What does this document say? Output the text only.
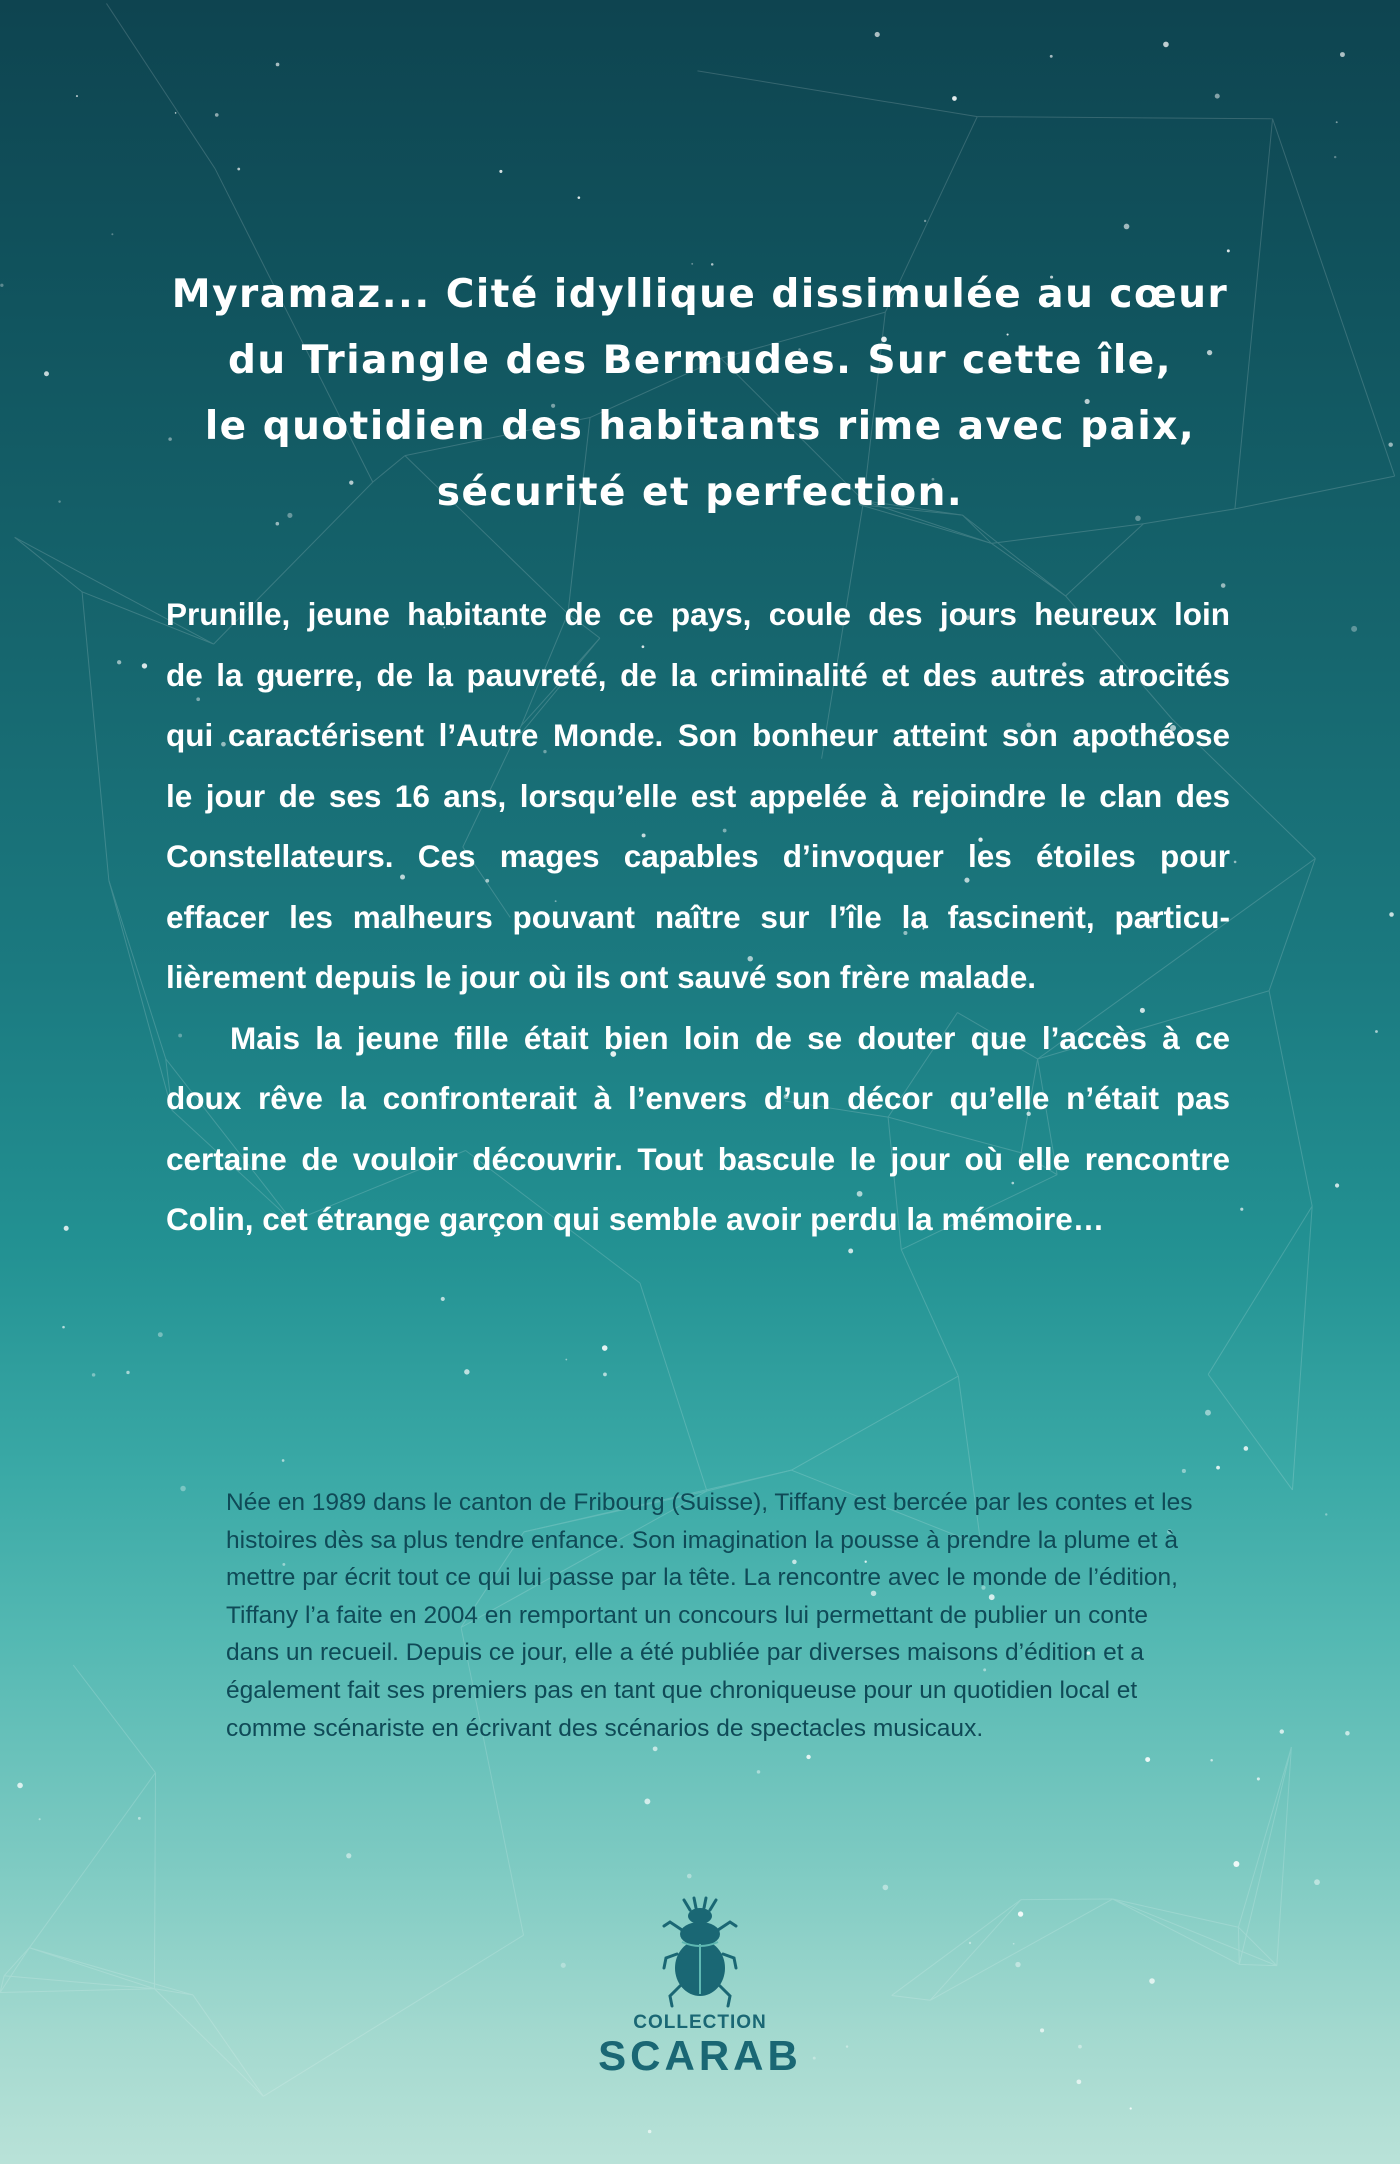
Myramaz... Cité idyllique dissimulée au cœur
du Triangle des Bermudes. Sur cette île,
le quotidien des habitants rime avec paix,
sécurité et perfection.

Prunille, jeune habitante de ce pays, coule des jours heureux loin
de la guerre, de la pauvreté, de la criminalité et des autres atrocités
qui caractérisent l’Autre Monde. Son bonheur atteint son apothéose
le jour de ses 16 ans, lorsqu’elle est appelée à rejoindre le clan des
Constellateurs. Ces mages capables d’invoquer les étoiles pour
effacer les malheurs pouvant naître sur l’île la fascinent, particu-
lièrement depuis le jour où ils ont sauvé son frère malade.

Mais la jeune fille était bien loin de se douter que l’accès à ce
doux rêve la confronterait à l’envers d’un décor qu’elle n’était pas
certaine de vouloir découvrir. Tout bascule le jour où elle rencontre
Colin, cet étrange garçon qui semble avoir perdu la mémoire…

Née en 1989 dans le canton de Fribourg (Suisse), Tiffany est bercée par les contes et les
histoires dès sa plus tendre enfance. Son imagination la pousse à prendre la plume et à
mettre par écrit tout ce qui lui passe par la tête. La rencontre avec le monde de l’édition,
Tiffany l’a faite en 2004 en remportant un concours lui permettant de publier un conte
dans un recueil. Depuis ce jour, elle a été publiée par diverses maisons d’édition et a
également fait ses premiers pas en tant que chroniqueuse pour un quotidien local et
comme scénariste en écrivant des scénarios de spectacles musicaux.

COLLECTION
SCARAB
